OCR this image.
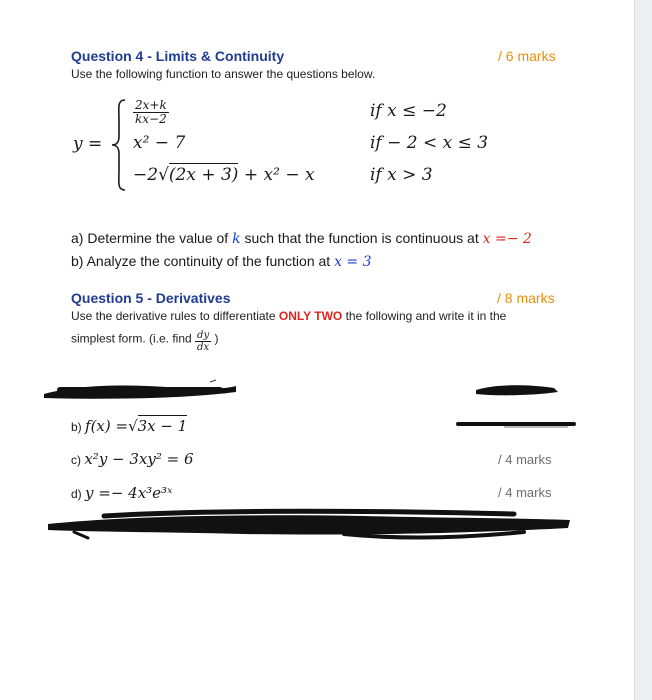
Question 4 - Limits & Continuity	/ 6 marks
Use the following function to answer the questions below.
y =
$\frac{2x+k}{kx-2}$	if x ≤ −2
x² − 7	if − 2 < x ≤ 3
−2√(2x + 3) + x² − x	if x > 3
a) Determine the value of k such that the function is continuous at x =− 2
b) Analyze the continuity of the function at x = 3
Question 5 - Derivatives	/ 8 marks
Use the derivative rules to differentiate ONLY TWO the following and write it in the
simplest form. (i.e. find $\frac{dy}{dx}$ )
b) f(x) =√3x − 1
c) x²y − 3xy² = 6	/ 4 marks
d) y =− 4x³e³ˣ	/ 4 marks
